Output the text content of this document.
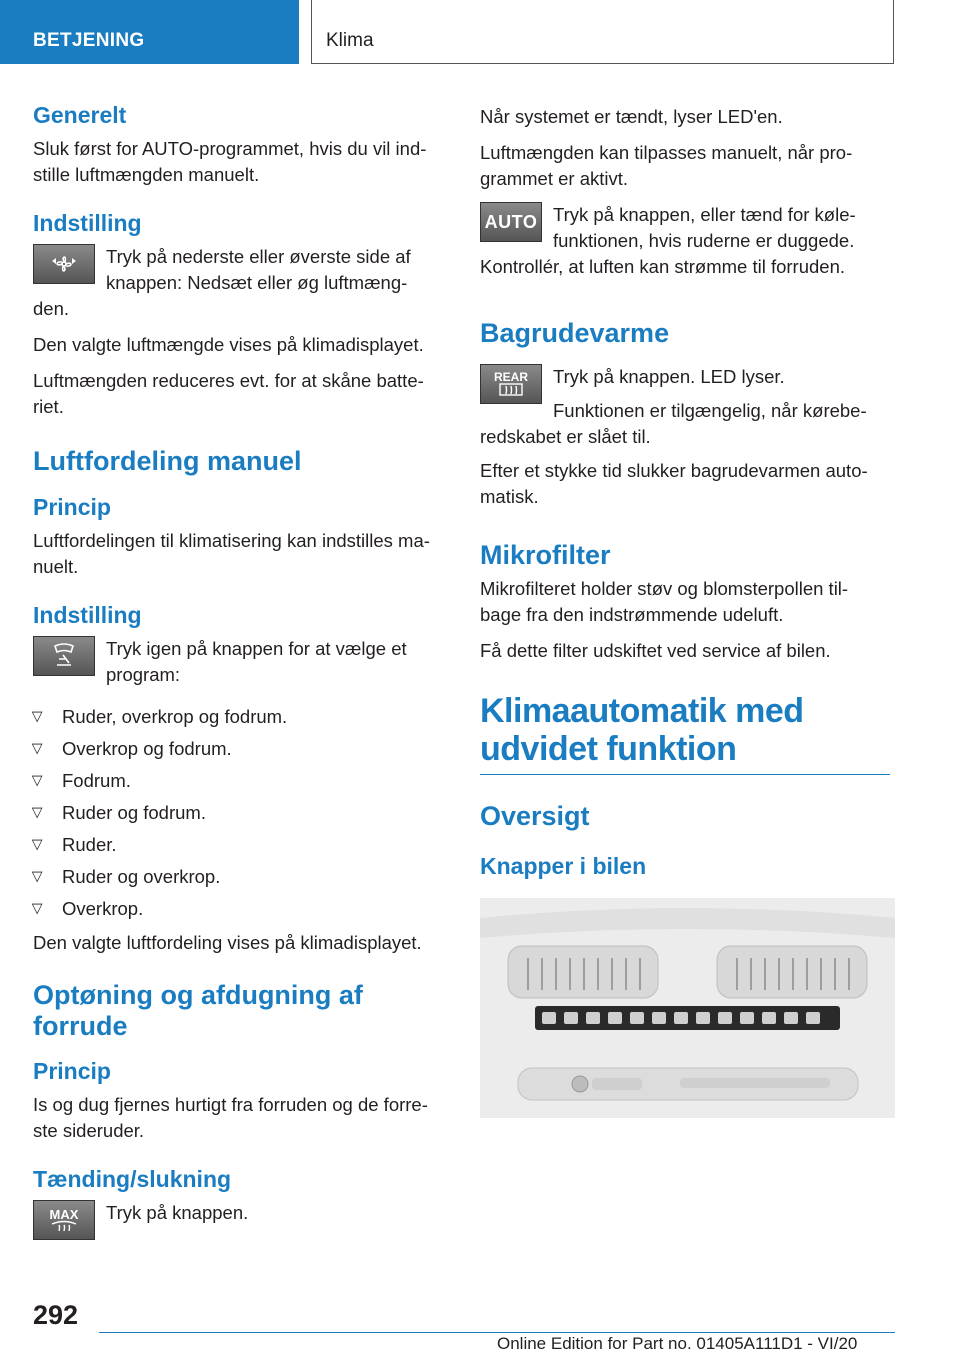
BETJENING	Klima
Generelt

Sluk først for AUTO-programmet, hvis du vil ind- stille luftmængden manuelt.

Indstilling

Tryk på nederste eller øverste side af knappen: Nedsæt eller øg luftmæng- den.

Den valgte luftmængde vises på klimadisplayet.

Luftmængden reduceres evt. for at skåne batte- riet.

Luftfordeling manuel
Princip

Luftfordelingen til klimatisering kan indstilles ma- nuelt.

Indstilling

Tryk igen på knappen for at vælge et program:

▷ Ruder, overkrop og fodrum.
▷ Overkrop og fodrum.
▷ Fodrum.
▷ Ruder og fodrum.
▷ Ruder.
▷ Ruder og overkrop.
▷ Overkrop.

Den valgte luftfordeling vises på klimadisplayet.

Optøning og afdugning af forrude
Princip

Is og dug fjernes hurtigt fra forruden og de forre- ste sideruder.

Tænding/slukning
MAX	Tryk på knappen.

Når systemet er tændt, lyser LED'en.

Luftmængden kan tilpasses manuelt, når pro- grammet er aktivt.

AUTO Tryk på knappen, eller tænd for køle- funktionen, hvis ruderne er duggede. Kontrollér, at luften kan strømme til forruden.

Bagrudevarme
REAR	Tryk på knappen. LED lyser.

Funktionen er tilgængelig, når kørebe- redskabet er slået til.

Efter et stykke tid slukker bagrudevarmen auto- matisk.

Mikrofilter

Mikrofilteret holder støv og blomsterpollen til- bage fra den indstrømmende udeluft.

Få dette filter udskiftet ved service af bilen.

Klimaautomatik med udvidet funktion
Oversigt
Knapper i bilen
292
Online Edition for Part no. 01405A111D1 - VI/20
